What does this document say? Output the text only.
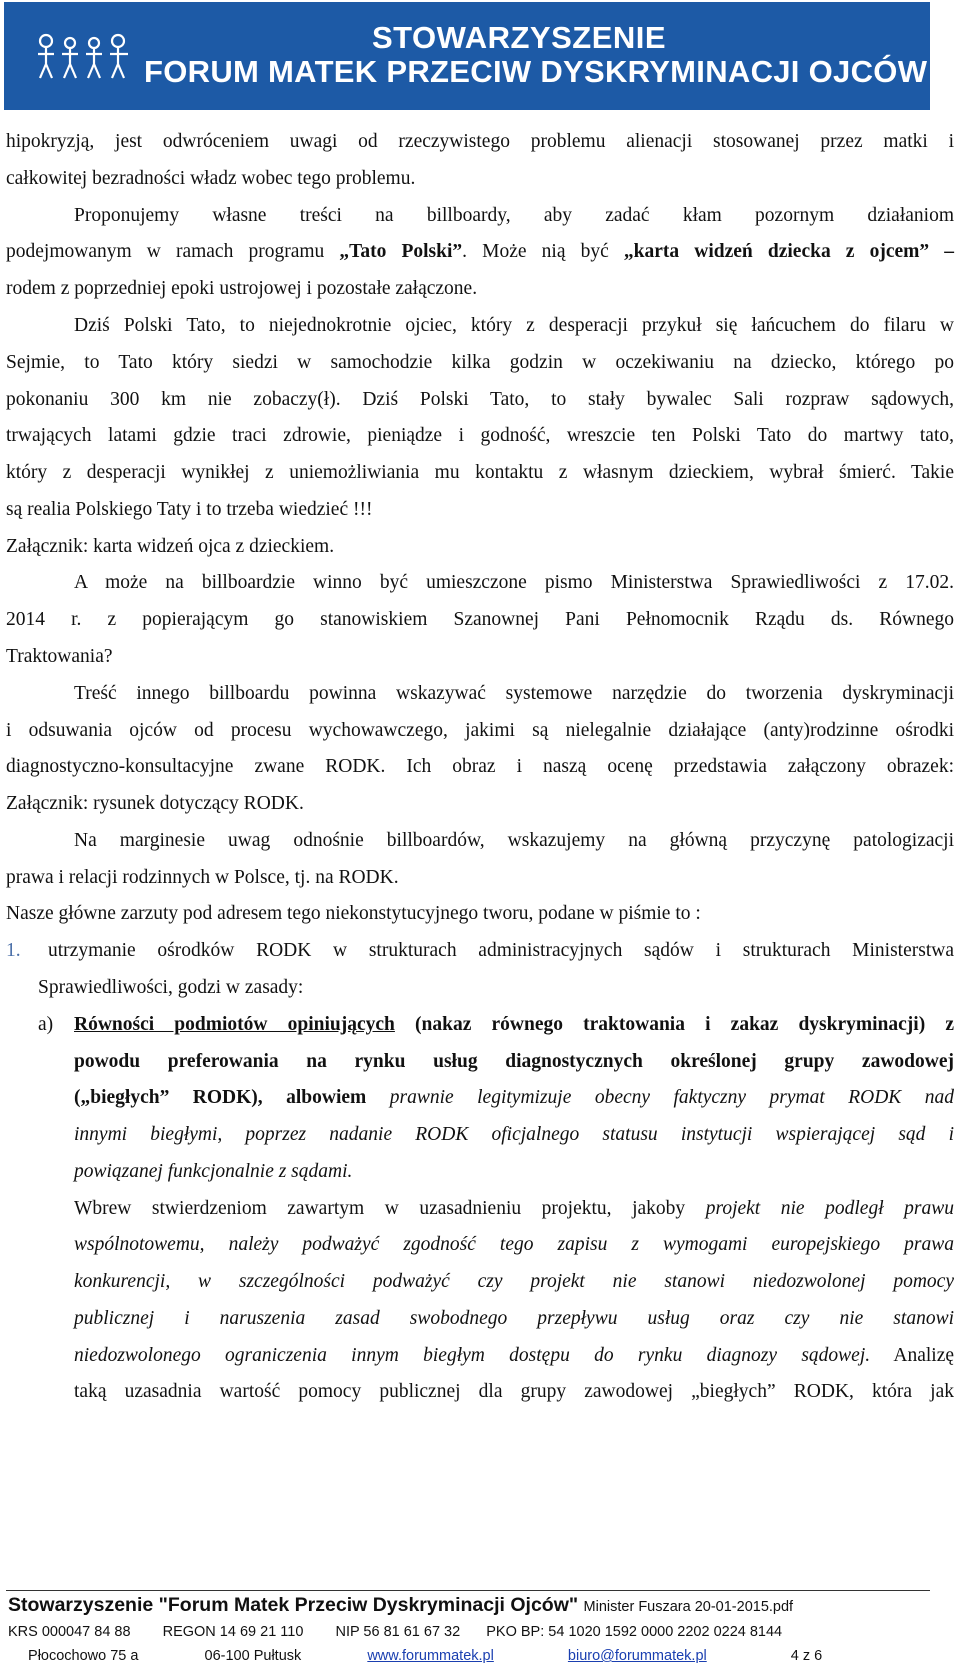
STOWARZYSZENIE
FORUM MATEK PRZECIW DYSKRYMINACJI OJCÓW
hipokryzją, jest odwróceniem uwagi od rzeczywistego problemu alienacji stosowanej przez matki i
całkowitej bezradności władz wobec tego problemu.
Proponujemy własne treści na billboardy, aby zadać kłam pozornym działaniom
podejmowanym w ramach programu „Tato Polski”. Może nią być „karta widzeń dziecka z ojcem” –
rodem z poprzedniej epoki ustrojowej i pozostałe załączone.
Dziś Polski Tato, to niejednokrotnie ojciec, który z desperacji przykuł się łańcuchem do filaru w
Sejmie, to Tato który siedzi w samochodzie kilka godzin w oczekiwaniu na dziecko, którego po
pokonaniu 300 km nie zobaczy(ł). Dziś Polski Tato, to stały bywalec Sali rozpraw sądowych,
trwających latami gdzie traci zdrowie, pieniądze i godność, wreszcie ten Polski Tato do martwy tato,
który z desperacji wynikłej z uniemożliwiania mu kontaktu z własnym dzieckiem, wybrał śmierć. Takie
są realia Polskiego Taty i to trzeba wiedzieć !!!
Załącznik: karta widzeń ojca z dzieckiem.
A może na billboardzie winno być umieszczone pismo Ministerstwa Sprawiedliwości z 17.02.
2014 r. z popierającym go stanowiskiem Szanownej Pani Pełnomocnik Rządu ds. Równego
Traktowania?
Treść innego billboardu powinna wskazywać systemowe narzędzie do tworzenia dyskryminacji
i odsuwania ojców od procesu wychowawczego, jakimi są nielegalnie działające (anty)rodzinne ośrodki
diagnostyczno-konsultacyjne zwane RODK. Ich obraz i naszą ocenę przedstawia załączony obrazek:
Załącznik: rysunek dotyczący RODK.
Na marginesie uwag odnośnie billboardów, wskazujemy na główną przyczynę patologizacji
prawa i relacji rodzinnych w Polsce, tj. na RODK.
Nasze główne zarzuty pod adresem tego niekonstytucyjnego tworu, podane w piśmie to :
1.	utrzymanie ośrodków RODK w strukturach administracyjnych sądów i strukturach Ministerstwa
Sprawiedliwości, godzi w zasady:
a) Równości podmiotów opiniujących (nakaz równego traktowania i zakaz dyskryminacji) z
powodu preferowania na rynku usług diagnostycznych określonej grupy zawodowej
(„biegłych” RODK), albowiem prawnie legitymizuje obecny faktyczny prymat RODK nad
innymi biegłymi, poprzez nadanie RODK oficjalnego statusu instytucji wspierającej sąd i
powiązanej funkcjonalnie z sądami.
Wbrew stwierdzeniom zawartym w uzasadnieniu projektu, jakoby projekt nie podległ prawu
wspólnotowemu, należy podważyć zgodność tego zapisu z wymogami europejskiego prawa
konkurencji, w szczególności podważyć czy projekt nie stanowi niedozwolonej pomocy
publicznej i naruszenia zasad swobodnego przepływu usług oraz czy nie stanowi
niedozwolonego ograniczenia innym biegłym dostępu do rynku diagnozy sądowej. Analizę
taką uzasadnia wartość pomocy publicznej dla grupy zawodowej „biegłych” RODK, która jak
Stowarzyszenie "Forum Matek Przeciw Dyskryminacji Ojców" Minister Fuszara 20-01-2015.pdf
KRS 000047 84 88 REGON 14 69 21 110 NIP 56 81 61 67 32 PKO BP: 54 1020 1592 0000 2202 0224 8144
Płocochowo 75 a	06-100 Pułtusk	www.forummatek.pl	biuro@forummatek.pl	4 z 6
